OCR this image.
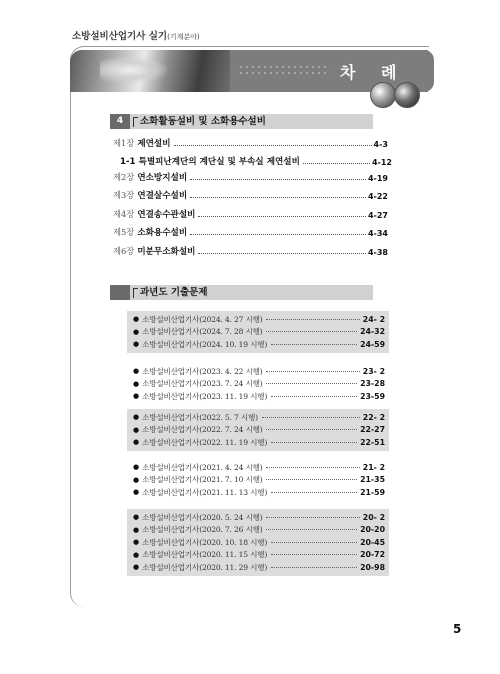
소방설비산업기사 실기(기계분야)
차 례
4	소화활동설비 및 소화용수설비
제1장 제연설비	4-3
1-1 특별피난계단의 계단실 및 부속실 제연설비	4-12
제2장 연소방지설비	4-19
제3장 연결살수설비	4-22
제4장 연결송수관설비	4-27
제5장 소화용수설비	4-34
제6장 미분무소화설비	4-38
과년도 기출문제
● 소방설비산업기사(2024. 4. 27 시행)	24- 2
● 소방설비산업기사(2024. 7. 28 시행)	24-32
● 소방설비산업기사(2024. 10. 19 시행)	24-59
● 소방설비산업기사(2023. 4. 22 시행)	23- 2
● 소방설비산업기사(2023. 7. 24 시행)	23-28
● 소방설비산업기사(2023. 11. 19 시행)	23-59
● 소방설비산업기사(2022. 5. 7 시행)	22- 2
● 소방설비산업기사(2022. 7. 24 시행)	22-27
● 소방설비산업기사(2022. 11. 19 시행)	22-51
● 소방설비산업기사(2021. 4. 24 시행)	21- 2
● 소방설비산업기사(2021. 7. 10 시행)	21-35
● 소방설비산업기사(2021. 11. 13 시행)	21-59
● 소방설비산업기사(2020. 5. 24 시행)	20- 2
● 소방설비산업기사(2020. 7. 26 시행)	20-20
● 소방설비산업기사(2020. 10. 18 시행)	20-45
● 소방설비산업기사(2020. 11. 15 시행)	20-72
● 소방설비산업기사(2020. 11. 29 시행)	20-98
5
